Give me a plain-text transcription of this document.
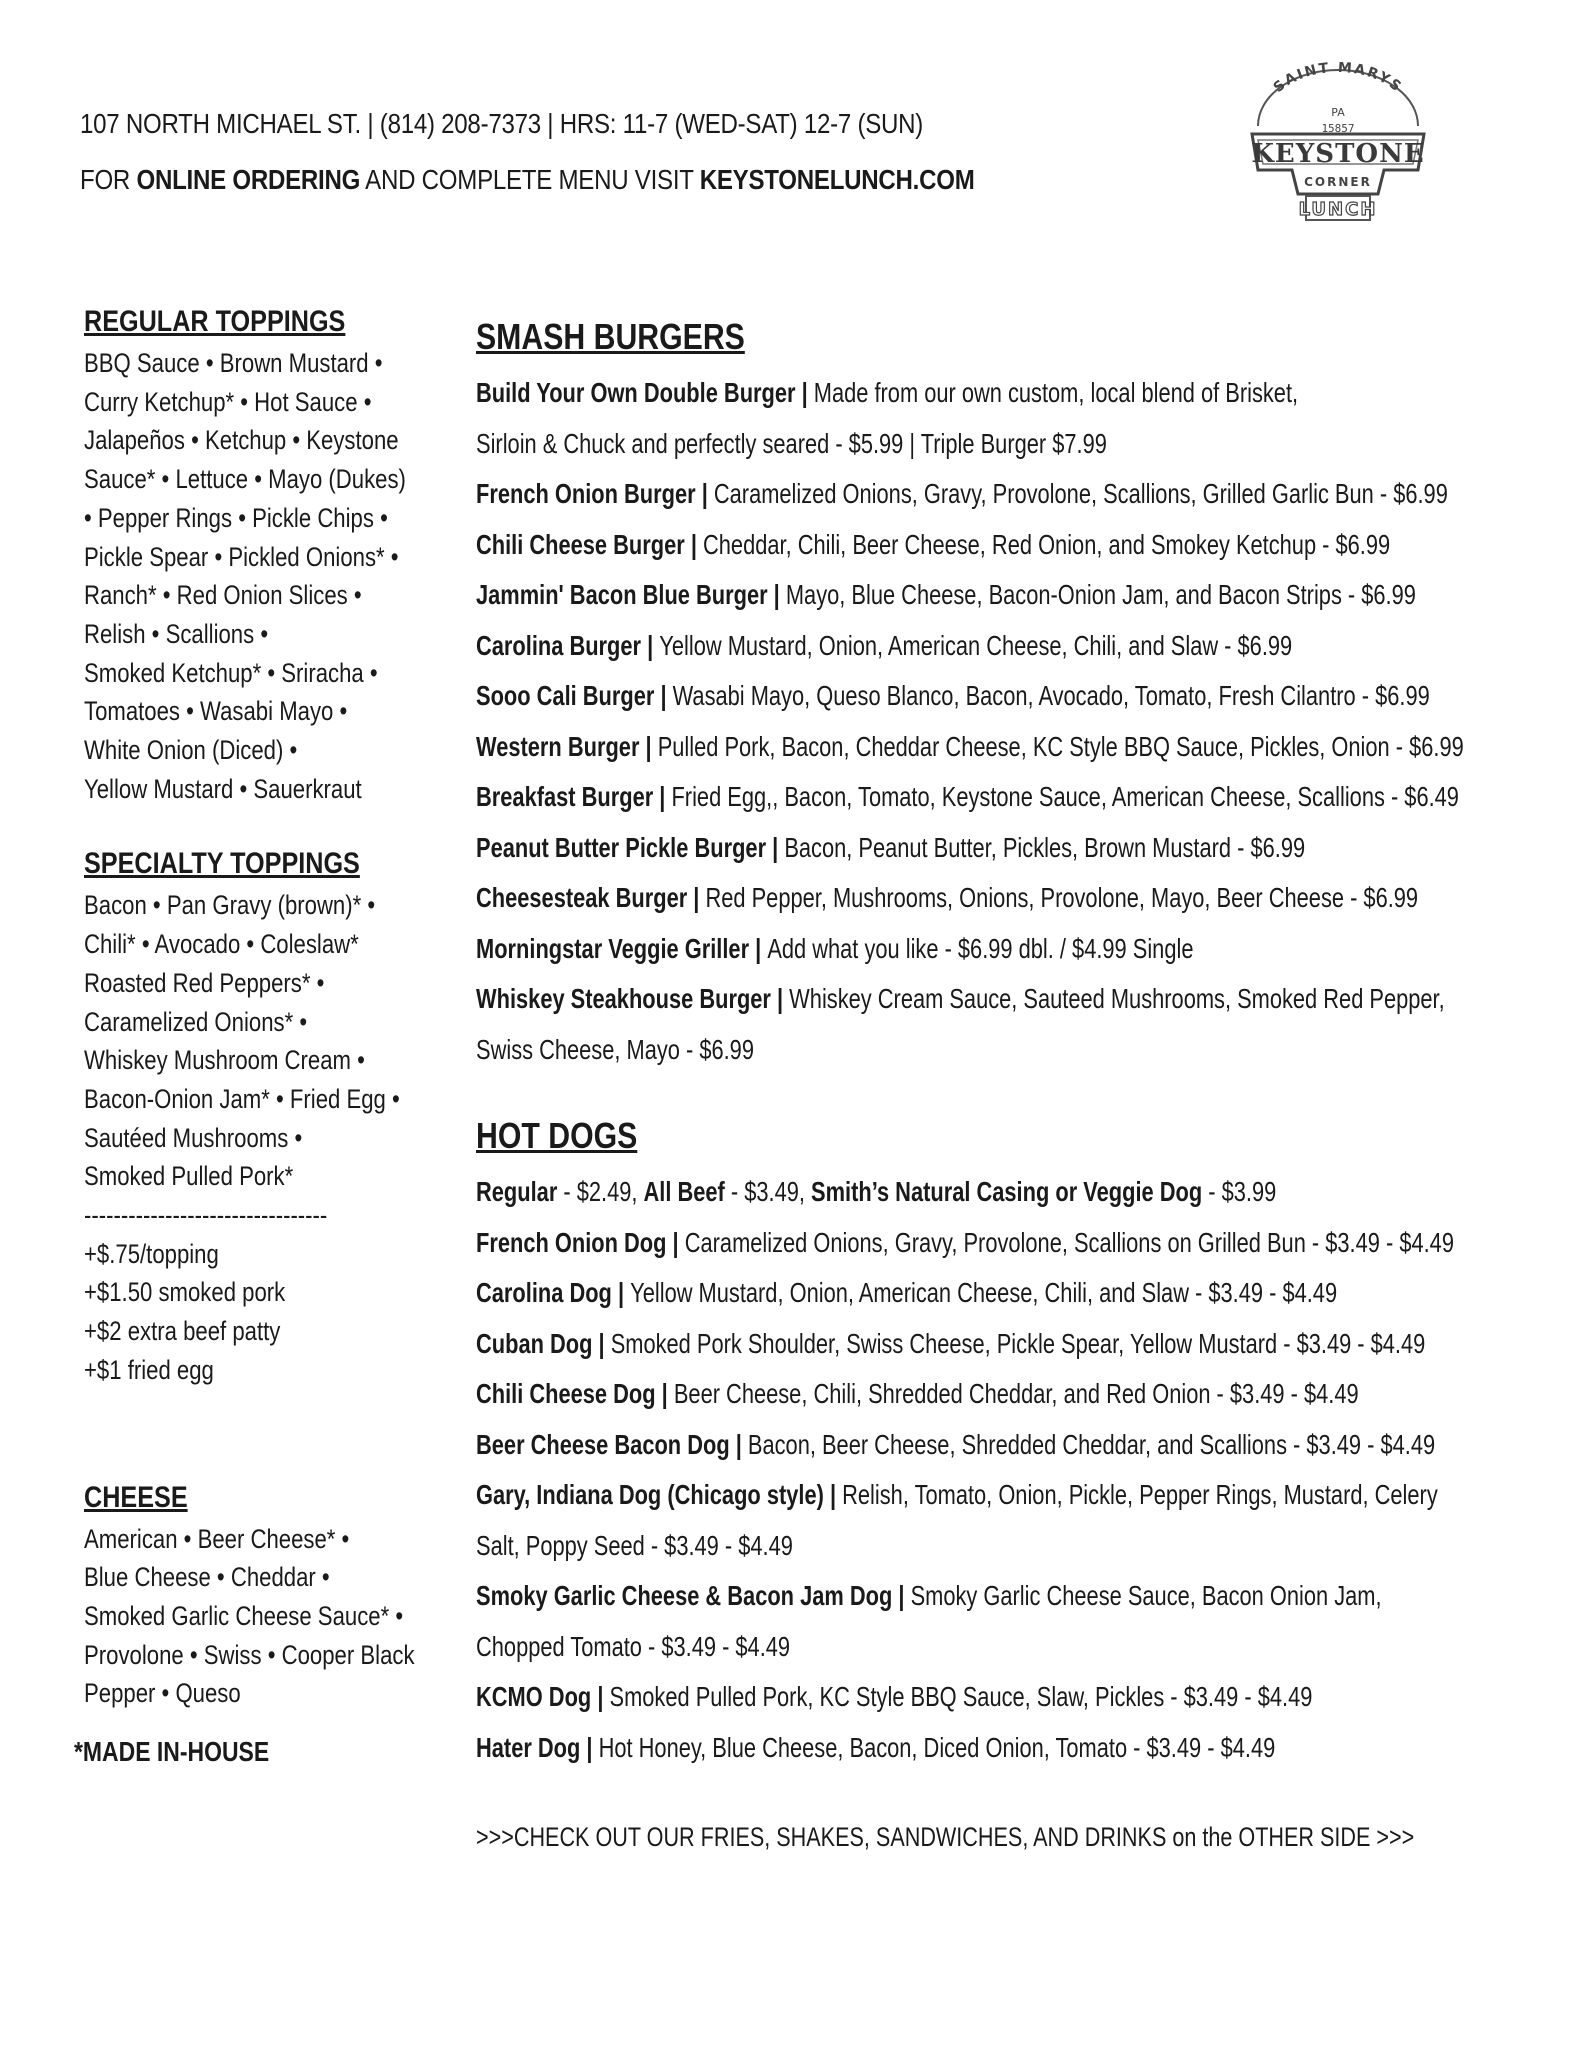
107 NORTH MICHAEL ST. | (814) 208-7373 | HRS: 11-7 (WED-SAT) 12-7 (SUN)
FOR ONLINE ORDERING AND COMPLETE MENU VISIT KEYSTONELUNCH.COM
SAINT MARYS
PA
15857
KEYSTONE
CORNER
LUNCH
REGULAR TOPPINGS
BBQ Sauce • Brown Mustard •
Curry Ketchup* • Hot Sauce •
Jalapeños • Ketchup • Keystone
Sauce* • Lettuce • Mayo (Dukes)
• Pepper Rings • Pickle Chips •
Pickle Spear • Pickled Onions* •
Ranch* • Red Onion Slices •
Relish • Scallions •
Smoked Ketchup* • Sriracha •
Tomatoes • Wasabi Mayo •
White Onion (Diced) •
Yellow Mustard • Sauerkraut
SPECIALTY TOPPINGS
Bacon • Pan Gravy (brown)* •
Chili* • Avocado • Coleslaw*
Roasted Red Peppers* •
Caramelized Onions* •
Whiskey Mushroom Cream •
Bacon-Onion Jam* • Fried Egg •
Sautéed Mushrooms •
Smoked Pulled Pork*
---------------------------------
+$.75/topping
+$1.50 smoked pork
+$2 extra beef patty
+$1 fried egg
CHEESE
American • Beer Cheese* •
Blue Cheese • Cheddar •
Smoked Garlic Cheese Sauce* •
Provolone • Swiss • Cooper Black
Pepper • Queso
*MADE IN-HOUSE
SMASH BURGERS
Build Your Own Double Burger | Made from our own custom, local blend of Brisket,
Sirloin & Chuck and perfectly seared - $5.99 | Triple Burger $7.99
French Onion Burger | Caramelized Onions, Gravy, Provolone, Scallions, Grilled Garlic Bun - $6.99
Chili Cheese Burger | Cheddar, Chili, Beer Cheese, Red Onion, and Smokey Ketchup - $6.99
Jammin' Bacon Blue Burger | Mayo, Blue Cheese, Bacon-Onion Jam, and Bacon Strips - $6.99
Carolina Burger | Yellow Mustard, Onion, American Cheese, Chili, and Slaw - $6.99
Sooo Cali Burger | Wasabi Mayo, Queso Blanco, Bacon, Avocado, Tomato, Fresh Cilantro - $6.99
Western Burger | Pulled Pork, Bacon, Cheddar Cheese, KC Style BBQ Sauce, Pickles, Onion - $6.99
Breakfast Burger | Fried Egg,, Bacon, Tomato, Keystone Sauce, American Cheese, Scallions - $6.49
Peanut Butter Pickle Burger | Bacon, Peanut Butter, Pickles, Brown Mustard - $6.99
Cheesesteak Burger | Red Pepper, Mushrooms, Onions, Provolone, Mayo, Beer Cheese - $6.99
Morningstar Veggie Griller | Add what you like - $6.99 dbl. / $4.99 Single
Whiskey Steakhouse Burger | Whiskey Cream Sauce, Sauteed Mushrooms, Smoked Red Pepper,
Swiss Cheese, Mayo - $6.99
HOT DOGS
Regular - $2.49, All Beef - $3.49, Smith’s Natural Casing or Veggie Dog - $3.99
French Onion Dog | Caramelized Onions, Gravy, Provolone, Scallions on Grilled Bun - $3.49 - $4.49
Carolina Dog | Yellow Mustard, Onion, American Cheese, Chili, and Slaw - $3.49 - $4.49
Cuban Dog | Smoked Pork Shoulder, Swiss Cheese, Pickle Spear, Yellow Mustard - $3.49 - $4.49
Chili Cheese Dog | Beer Cheese, Chili, Shredded Cheddar, and Red Onion - $3.49 - $4.49
Beer Cheese Bacon Dog | Bacon, Beer Cheese, Shredded Cheddar, and Scallions - $3.49 - $4.49
Gary, Indiana Dog (Chicago style) | Relish, Tomato, Onion, Pickle, Pepper Rings, Mustard, Celery
Salt, Poppy Seed - $3.49 - $4.49
Smoky Garlic Cheese & Bacon Jam Dog | Smoky Garlic Cheese Sauce, Bacon Onion Jam,
Chopped Tomato - $3.49 - $4.49
KCMO Dog | Smoked Pulled Pork, KC Style BBQ Sauce, Slaw, Pickles - $3.49 - $4.49
Hater Dog | Hot Honey, Blue Cheese, Bacon, Diced Onion, Tomato - $3.49 - $4.49
>>>CHECK OUT OUR FRIES, SHAKES, SANDWICHES, AND DRINKS on the OTHER SIDE >>>
